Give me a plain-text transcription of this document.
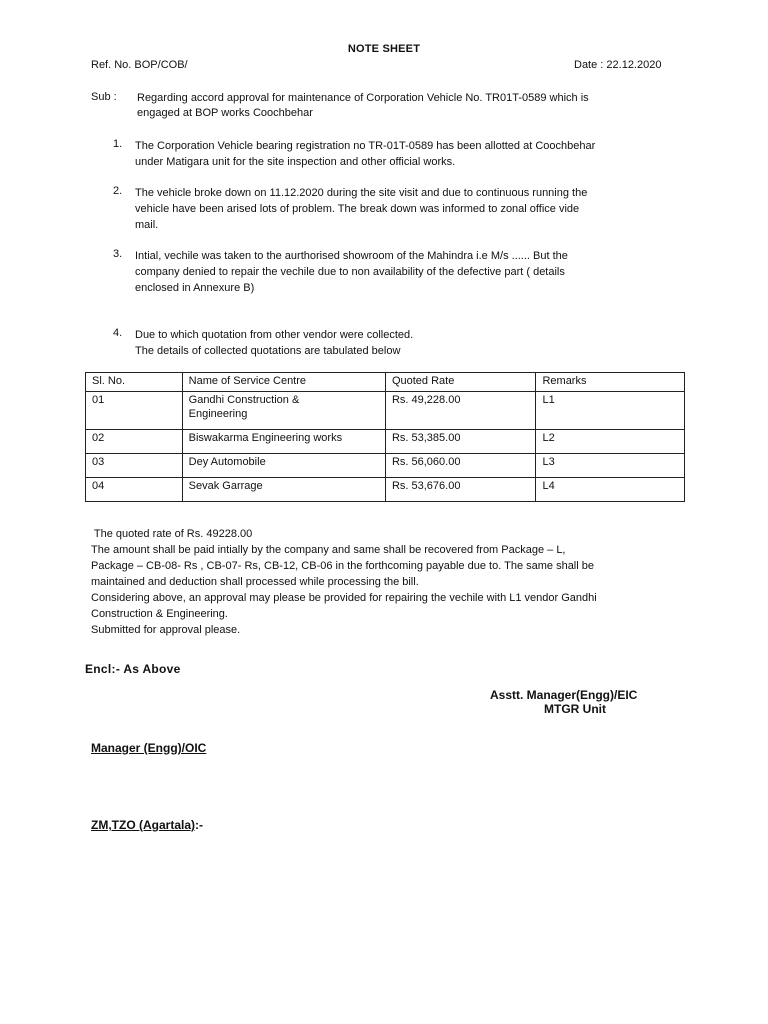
NOTE SHEET
Ref. No. BOP/COB/	Date : 22.12.2020
Sub : Regarding accord approval for maintenance of Corporation Vehicle No. TR01T-0589 which is
engaged at BOP works Coochbehar
1. The Corporation Vehicle bearing registration no TR-01T-0589 has been allotted at Coochbehar
under Matigara unit for the site inspection and other official works.
2. The vehicle broke down on 11.12.2020 during the site visit and due to continuous running the
vehicle have been arised lots of problem. The break down was informed to zonal office vide
mail.
3. Intial, vechile was taken to the aurthorised showroom of the Mahindra i.e M/s ...... But the
company denied to repair the vechile due to non availability of the defective part ( details
enclosed in Annexure B)
4. Due to which quotation from other vendor were collected.
The details of collected quotations are tabulated below
Sl. No.	Name of Service Centre	Quoted Rate	Remarks
01	Gandhi Construction &
Engineering	Rs. 49,228.00	L1
02	Biswakarma Engineering works	Rs. 53,385.00	L2
03	Dey Automobile	Rs. 56,060.00	L3
04	Sevak Garrage	Rs. 53,676.00	L4
The quoted rate of Rs. 49228.00
The amount shall be paid intially by the company and same shall be recovered from Package – L,
Package – CB-08- Rs , CB-07- Rs, CB-12, CB-06 in the forthcoming payable due to. The same shall be
maintained and deduction shall processed while processing the bill.
Considering above, an approval may please be provided for repairing the vechile with L1 vendor Gandhi
Construction & Engineering.
Submitted for approval please.
Encl:- As Above
Asstt. Manager(Engg)/EIC
MTGR Unit
Manager (Engg)/OIC
ZM,TZO (Agartala):-
